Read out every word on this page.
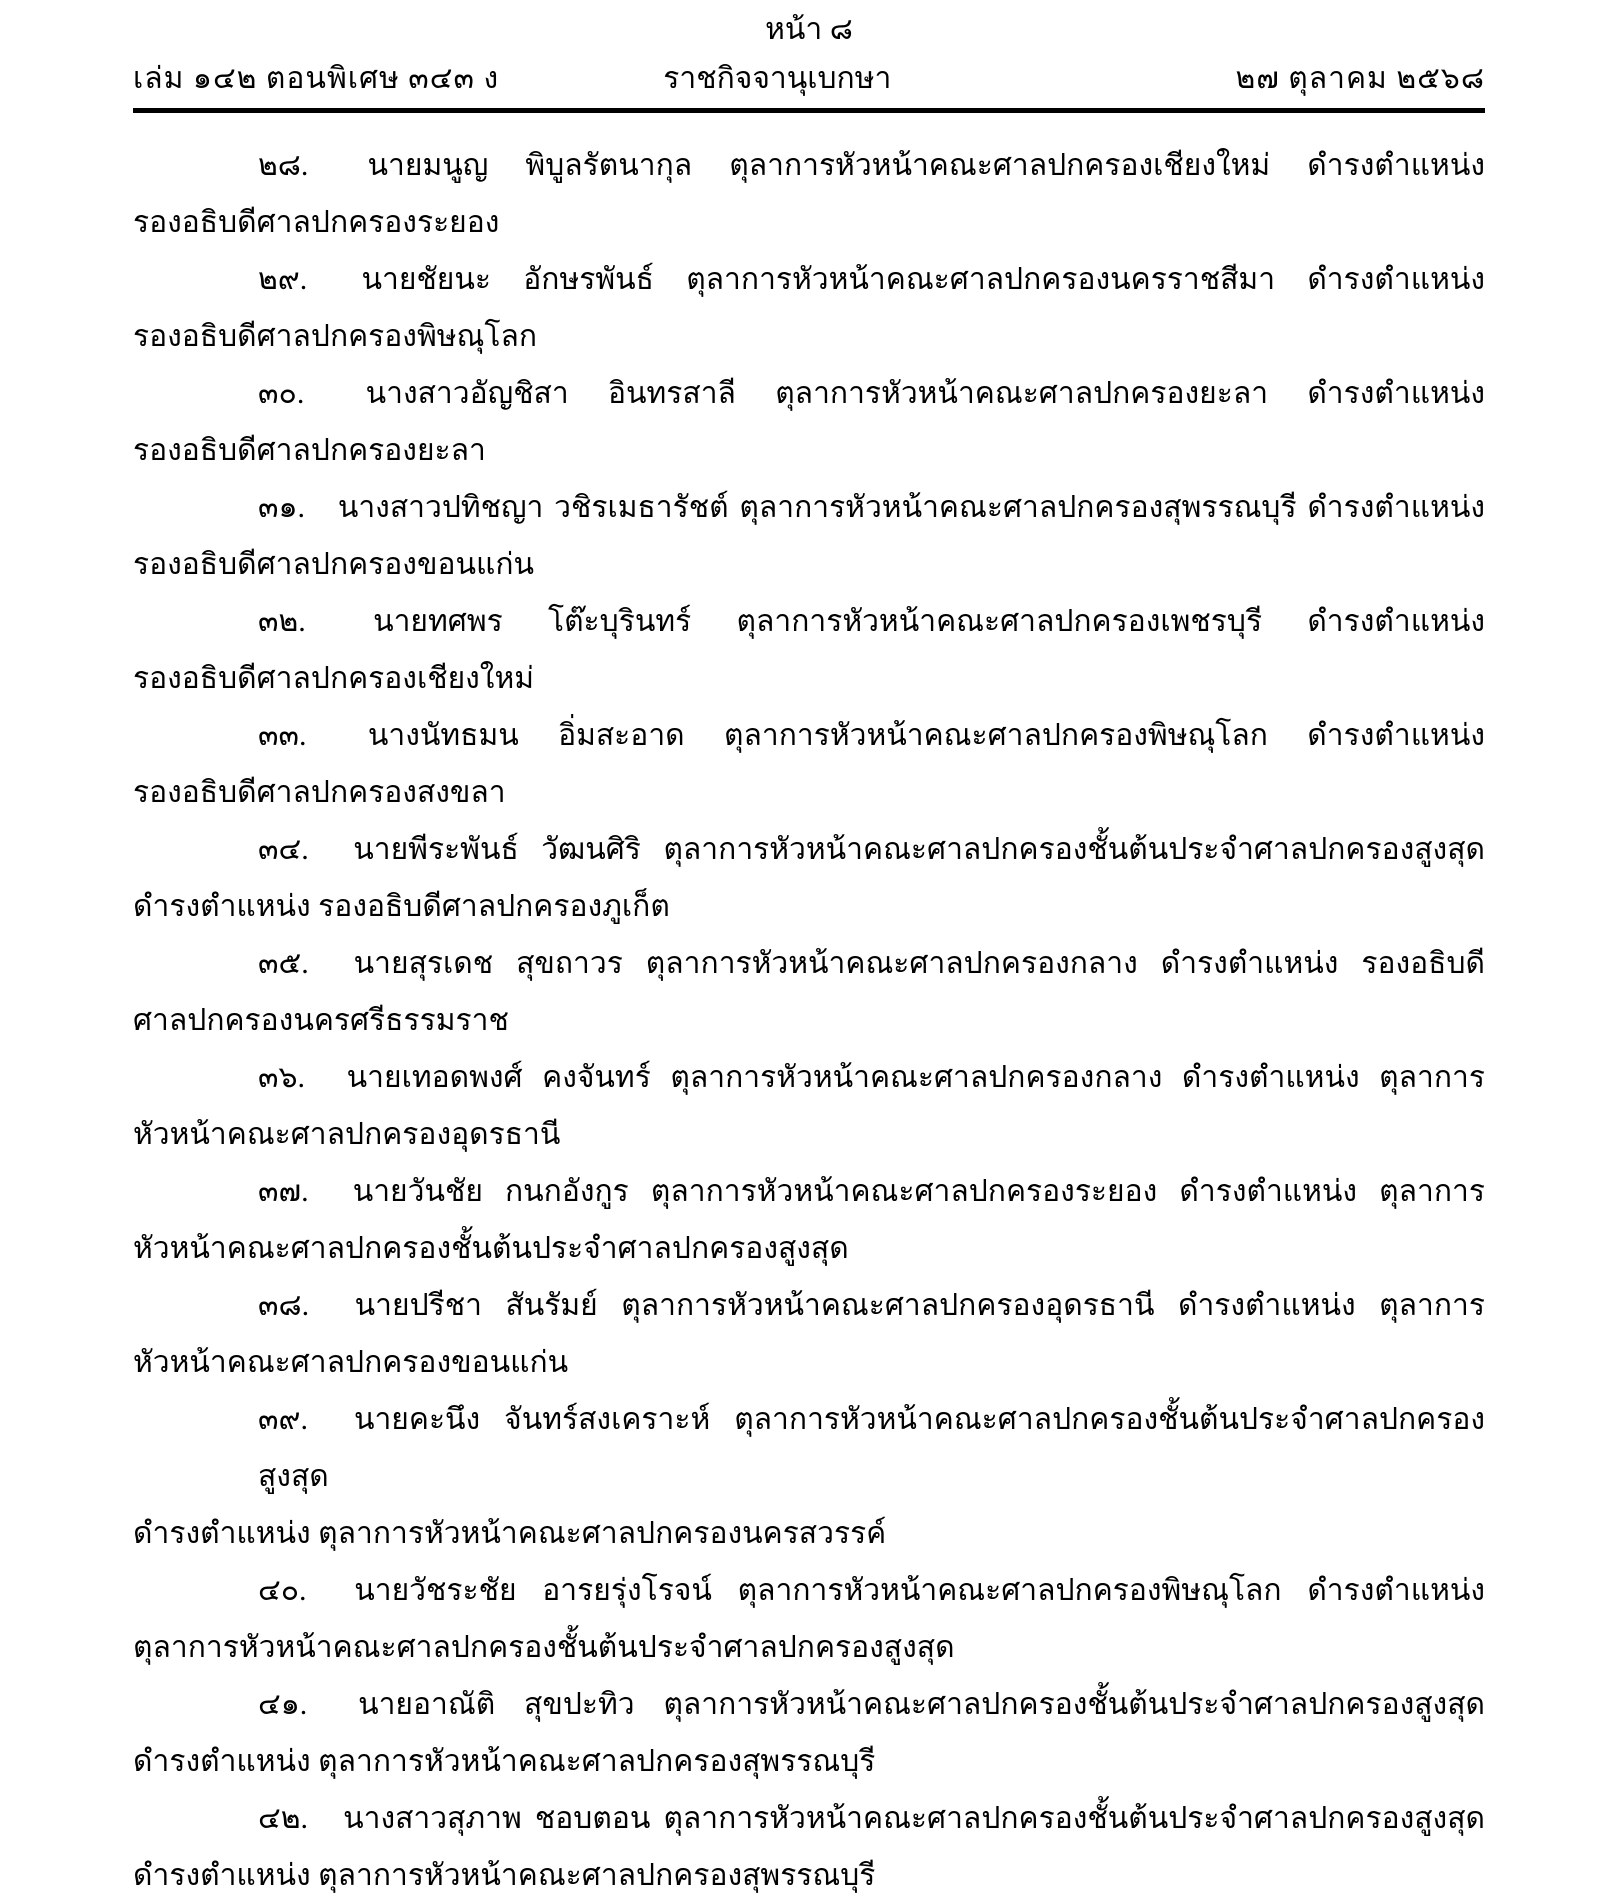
หน้า ๘
เล่ม ๑๔๒ ตอนพิเศษ ๓๔๓ ง	ราชกิจจานุเบกษา	๒๗ ตุลาคม ๒๕๖๘
๒๘. นายมนูญ พิบูลรัตนากุล ตุลาการหัวหน้าคณะศาลปกครองเชียงใหม่ ดำรงตำแหน่ง
รองอธิบดีศาลปกครองระยอง
๒๙. นายชัยนะ อักษรพันธ์ ตุลาการหัวหน้าคณะศาลปกครองนครราชสีมา ดำรงตำแหน่ง
รองอธิบดีศาลปกครองพิษณุโลก
๓๐. นางสาวอัญชิสา อินทรสาลี ตุลาการหัวหน้าคณะศาลปกครองยะลา ดำรงตำแหน่ง
รองอธิบดีศาลปกครองยะลา
๓๑. นางสาวปทิชญา วชิรเมธารัชต์ ตุลาการหัวหน้าคณะศาลปกครองสุพรรณบุรี ดำรงตำแหน่ง
รองอธิบดีศาลปกครองขอนแก่น
๓๒. นายทศพร โต๊ะบุรินทร์ ตุลาการหัวหน้าคณะศาลปกครองเพชรบุรี ดำรงตำแหน่ง
รองอธิบดีศาลปกครองเชียงใหม่
๓๓. นางนัทธมน อิ่มสะอาด ตุลาการหัวหน้าคณะศาลปกครองพิษณุโลก ดำรงตำแหน่ง
รองอธิบดีศาลปกครองสงขลา
๓๔. นายพีระพันธ์ วัฒนศิริ ตุลาการหัวหน้าคณะศาลปกครองชั้นต้นประจำศาลปกครองสูงสุด
ดำรงตำแหน่ง รองอธิบดีศาลปกครองภูเก็ต
๓๕. นายสุรเดช สุขถาวร ตุลาการหัวหน้าคณะศาลปกครองกลาง ดำรงตำแหน่ง รองอธิบดี
ศาลปกครองนครศรีธรรมราช
๓๖. นายเทอดพงศ์ คงจันทร์ ตุลาการหัวหน้าคณะศาลปกครองกลาง ดำรงตำแหน่ง ตุลาการ
หัวหน้าคณะศาลปกครองอุดรธานี
๓๗. นายวันชัย กนกอังกูร ตุลาการหัวหน้าคณะศาลปกครองระยอง ดำรงตำแหน่ง ตุลาการ
หัวหน้าคณะศาลปกครองชั้นต้นประจำศาลปกครองสูงสุด
๓๘. นายปรีชา สันรัมย์ ตุลาการหัวหน้าคณะศาลปกครองอุดรธานี ดำรงตำแหน่ง ตุลาการ
หัวหน้าคณะศาลปกครองขอนแก่น
๓๙. นายคะนึง จันทร์สงเคราะห์ ตุลาการหัวหน้าคณะศาลปกครองชั้นต้นประจำศาลปกครองสูงสุด
ดำรงตำแหน่ง ตุลาการหัวหน้าคณะศาลปกครองนครสวรรค์
๔๐. นายวัชระชัย อารยรุ่งโรจน์ ตุลาการหัวหน้าคณะศาลปกครองพิษณุโลก ดำรงตำแหน่ง
ตุลาการหัวหน้าคณะศาลปกครองชั้นต้นประจำศาลปกครองสูงสุด
๔๑. นายอาณัติ สุขปะทิว ตุลาการหัวหน้าคณะศาลปกครองชั้นต้นประจำศาลปกครองสูงสุด
ดำรงตำแหน่ง ตุลาการหัวหน้าคณะศาลปกครองสุพรรณบุรี
๔๒. นางสาวสุภาพ ชอบตอน ตุลาการหัวหน้าคณะศาลปกครองชั้นต้นประจำศาลปกครองสูงสุด
ดำรงตำแหน่ง ตุลาการหัวหน้าคณะศาลปกครองสุพรรณบุรี
